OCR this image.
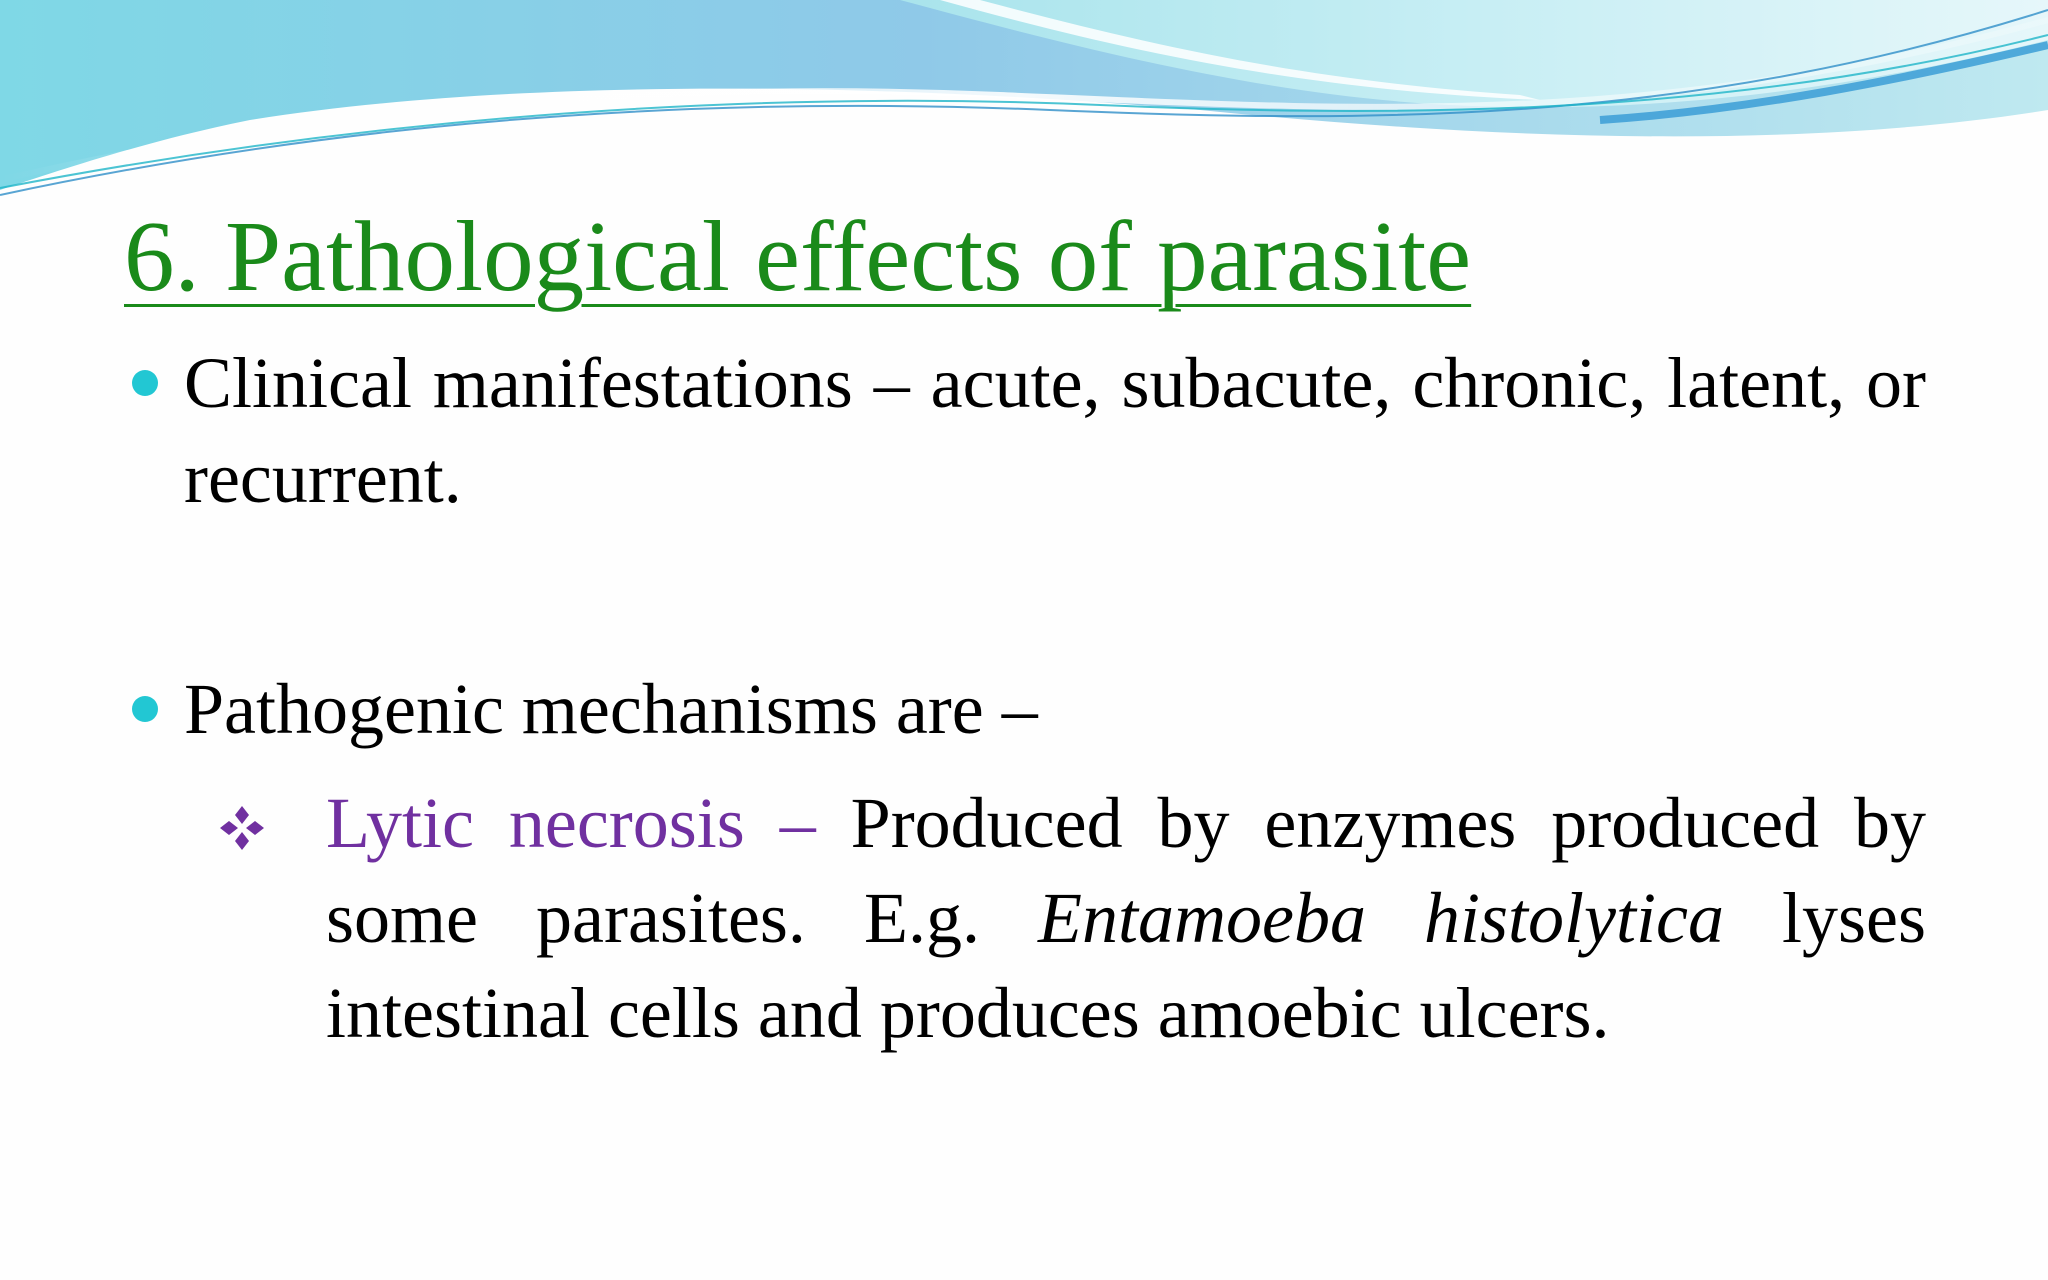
6. Pathological effects of parasite
Clinical manifestations – acute, subacute, chronic, latent, or recurrent.
Pathogenic mechanisms are –
Lytic necrosis – Produced by enzymes produced by some parasites. E.g. Entamoeba histolytica lyses intestinal cells and produces amoebic ulcers.
